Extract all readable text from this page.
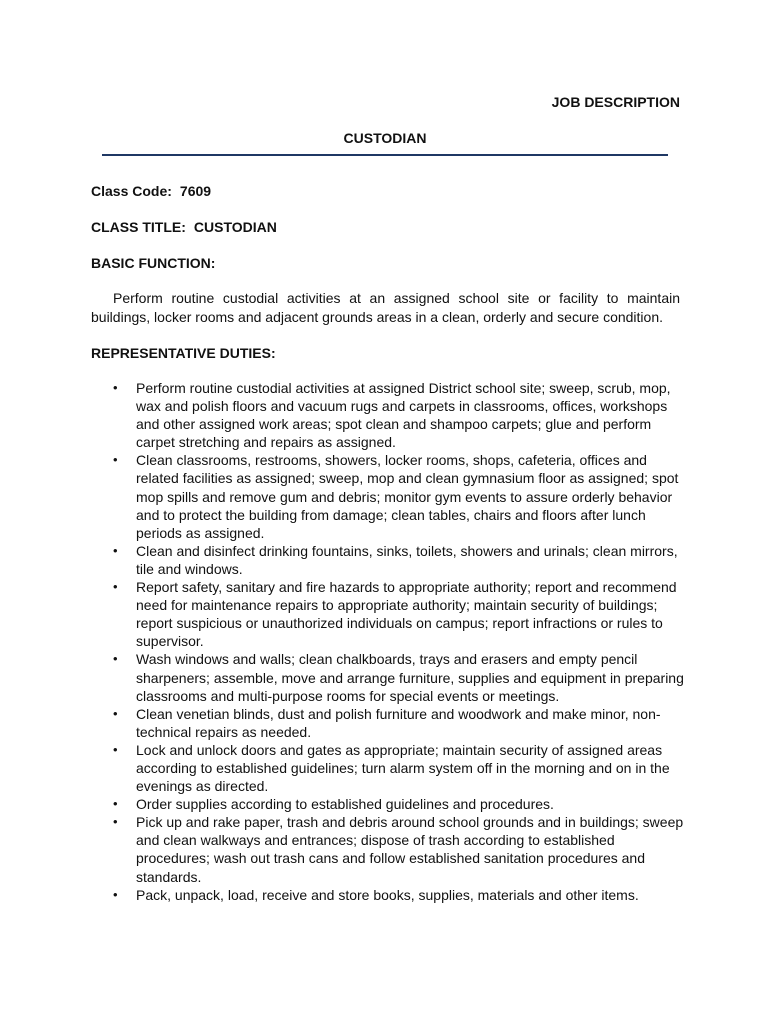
JOB DESCRIPTION
CUSTODIAN
Class Code: 7609
CLASS TITLE: CUSTODIAN
BASIC FUNCTION:
Perform routine custodial activities at an assigned school site or facility to maintain buildings, locker rooms and adjacent grounds areas in a clean, orderly and secure condition.
REPRESENTATIVE DUTIES:
• Perform routine custodial activities at assigned District school site; sweep, scrub, mop, wax and polish floors and vacuum rugs and carpets in classrooms, offices, workshops and other assigned work areas; spot clean and shampoo carpets; glue and perform carpet stretching and repairs as assigned.
• Clean classrooms, restrooms, showers, locker rooms, shops, cafeteria, offices and related facilities as assigned; sweep, mop and clean gymnasium floor as assigned; spot mop spills and remove gum and debris; monitor gym events to assure orderly behavior and to protect the building from damage; clean tables, chairs and floors after lunch periods as assigned.
• Clean and disinfect drinking fountains, sinks, toilets, showers and urinals; clean mirrors, tile and windows.
• Report safety, sanitary and fire hazards to appropriate authority; report and recommend need for maintenance repairs to appropriate authority; maintain security of buildings; report suspicious or unauthorized individuals on campus; report infractions or rules to supervisor.
• Wash windows and walls; clean chalkboards, trays and erasers and empty pencil sharpeners; assemble, move and arrange furniture, supplies and equipment in preparing classrooms and multi-purpose rooms for special events or meetings.
• Clean venetian blinds, dust and polish furniture and woodwork and make minor, non-technical repairs as needed.
• Lock and unlock doors and gates as appropriate; maintain security of assigned areas according to established guidelines; turn alarm system off in the morning and on in the evenings as directed.
• Order supplies according to established guidelines and procedures.
• Pick up and rake paper, trash and debris around school grounds and in buildings; sweep and clean walkways and entrances; dispose of trash according to established procedures; wash out trash cans and follow established sanitation procedures and standards.
• Pack, unpack, load, receive and store books, supplies, materials and other items.
